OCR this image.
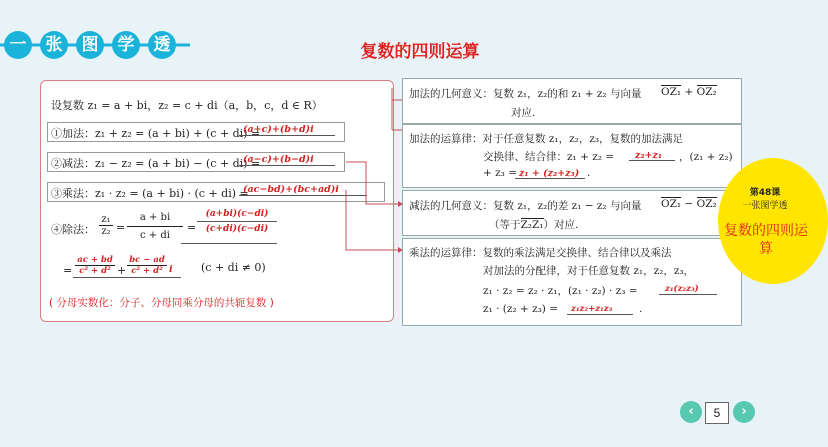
一	张	图	学	透	复数的四则运算
设复数 z₁ = a + bi，z₂ = c + di（a，b，c，d ∈ R）
①加法：z₁ + z₂ = (a + bi) + (c + di) =
(a+c)+(b+d)i
②减法：z₁ − z₂ = (a + bi) − (c + di) =
(a−c)+(b−d)i
③乘法：z₁ · z₂ = (a + bi) · (c + di) =
(ac−bd)+(bc+ad)i
④除法： $\frac{\text{z₁}}{\text{z₂}} = \frac{a + bi}{c + di}$ =
(a+bi)(c−di)
(c+di)(c−di)
= $\frac{ac + bd}{\text{c² + d²}} + \frac{bc - ad}{\text{c² + d²}}$ i	(c + di ≠ 0)
( 分母实数化：分子、分母同乘分母的共轭复数 )
加法的几何意义：复数 z₁，z₂的和 z₁ + z₂ 与向量 OZ₁ + OZ₂
对应.
加法的运算律：对于任意复数 z₁，z₂，z₃，复数的加法满足
交换律、结合律：z₁ + z₂ = z₂+z₁ ，(z₁ + z₂)
+ z₃ = z₁ + (z₂+z₃) .
减法的几何意义：复数 z₁，z₂的差 z₁ − z₂ 与向量 OZ₁ − OZ₂
（等于Z₂Z₁）对应.
乘法的运算律：复数的乘法满足交换律、结合律以及乘法
对加法的分配律，对于任意复数 z₁，z₂，z₃，
z₁ · z₂ = z₂ · z₁，(z₁ · z₂) · z₃ =	z₁(z₂z₃)
z₁ · (z₂ + z₃) = z₁z₂+z₁z₃	.
第48课
一张图学透
复数的四则运算
‹	5	›
